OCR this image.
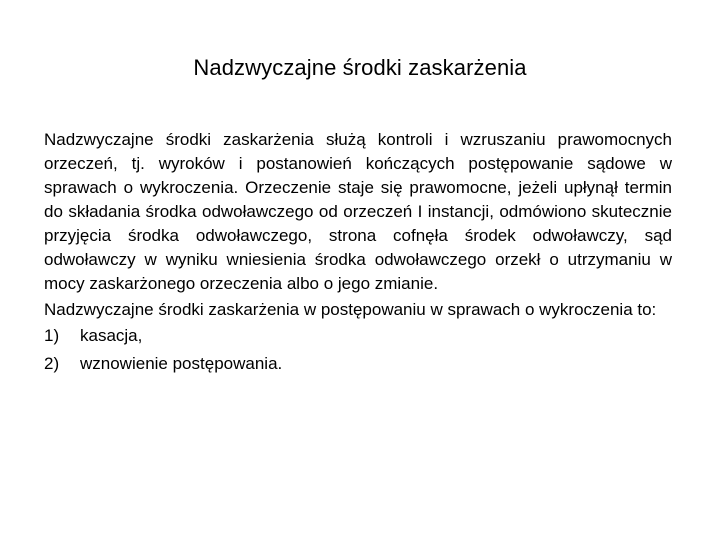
Nadzwyczajne środki zaskarżenia

Nadzwyczajne środki zaskarżenia służą kontroli i wzruszaniu prawomocnych orzeczeń, tj. wyroków i postanowień kończących postępowanie sądowe w sprawach o wykroczenia. Orzeczenie staje się prawomocne, jeżeli upłynął termin do składania środka odwoławczego od orzeczeń I instancji, odmówiono skutecznie przyjęcia środka odwoławczego, strona cofnęła środek odwoławczy, sąd odwoławczy w wyniku wniesienia środka odwoławczego orzekł o utrzymaniu w mocy zaskarżonego orzeczenia albo o jego zmianie.

Nadzwyczajne środki zaskarżenia w postępowaniu w sprawach o wykroczenia to:

1)	kasacja,
2)	wznowienie postępowania.
